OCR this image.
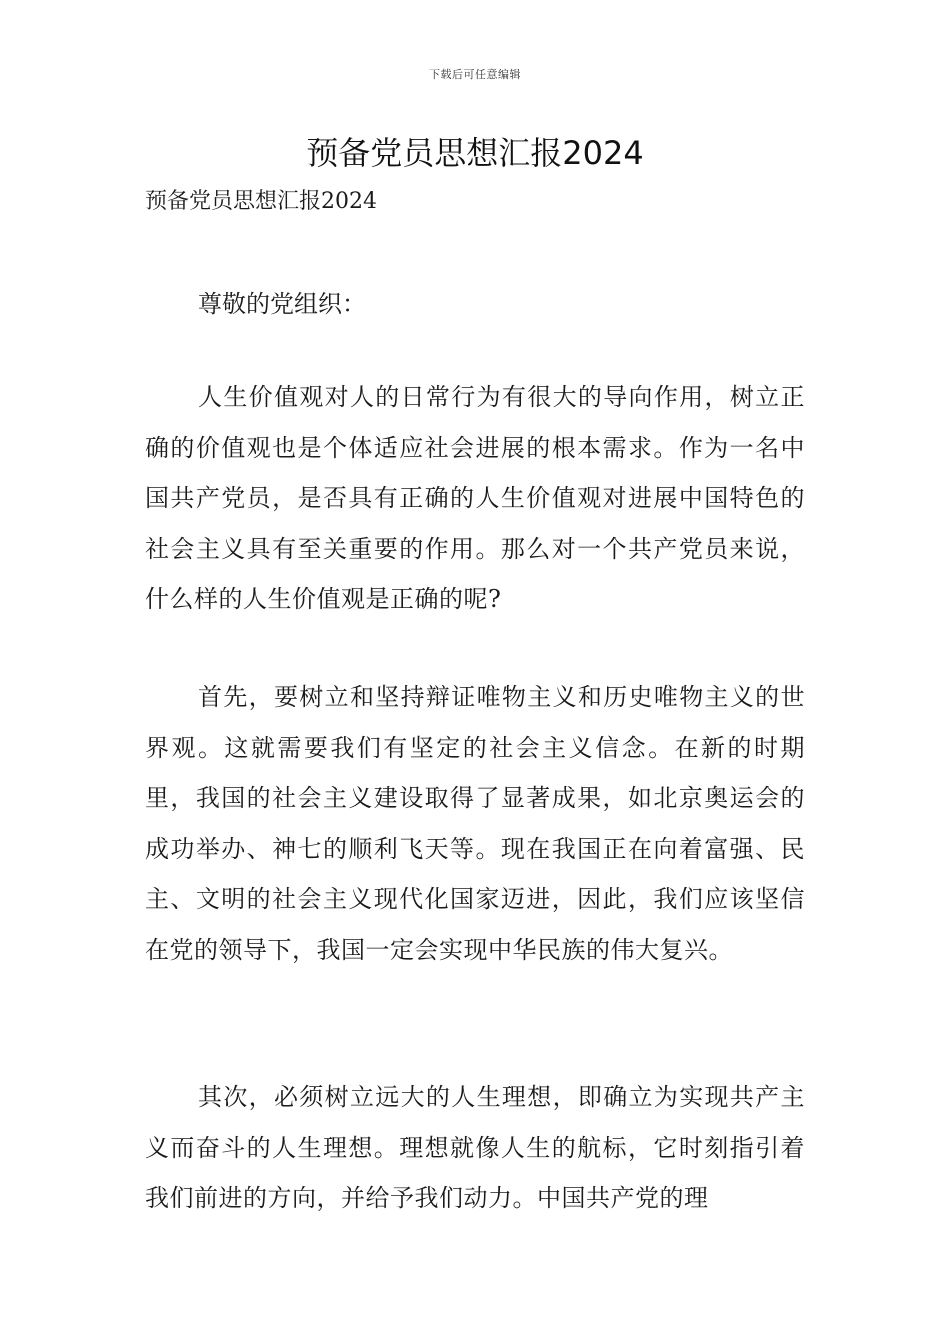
下载后可任意编辑
预备党员思想汇报2024

预备党员思想汇报2024

尊敬的党组织：

人生价值观对人的日常行为有很大的导向作用，树立正确的价值观也是个体适应社会进展的根本需求。作为一名中国共产党员，是否具有正确的人生价值观对进展中国特色的社会主义具有至关重要的作用。那么对一个共产党员来说，什么样的人生价值观是正确的呢?

首先，要树立和坚持辩证唯物主义和历史唯物主义的世界观。这就需要我们有坚定的社会主义信念。在新的时期里，我国的社会主义建设取得了显著成果，如北京奥运会的成功举办、神七的顺利飞天等。现在我国正在向着富强、民主、文明的社会主义现代化国家迈进，因此，我们应该坚信在党的领导下，我国一定会实现中华民族的伟大复兴。

其次，必须树立远大的人生理想，即确立为实现共产主义而奋斗的人生理想。理想就像人生的航标，它时刻指引着我们前进的方向，并给予我们动力。中国共产党的理
